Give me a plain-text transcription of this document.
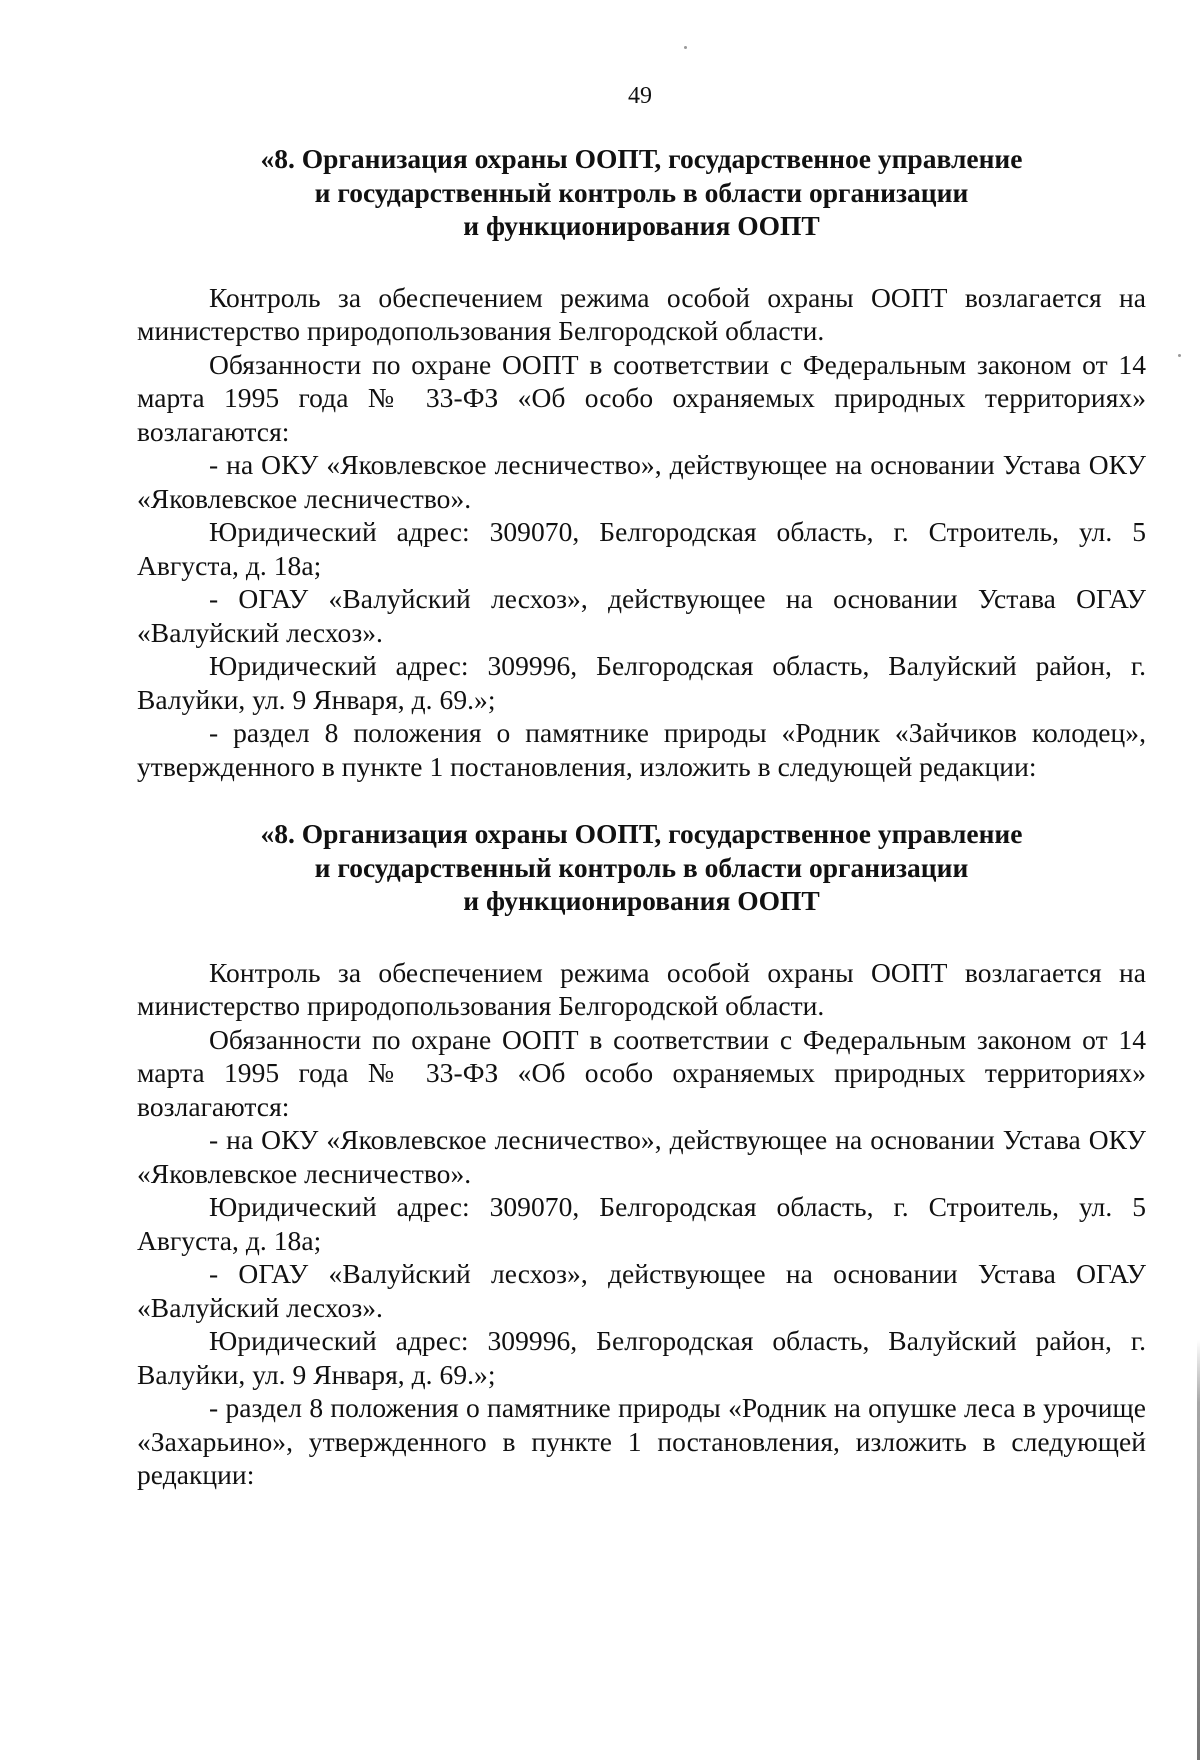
49
«8. Организация охраны ООПТ, государственное управление
и государственный контроль в области организации
и функционирования ООПТ

Контроль за обеспечением режима особой охраны ООПТ возлагается на министерство природопользования Белгородской области.

Обязанности по охране ООПТ в соответствии с Федеральным законом от 14 марта 1995 года № 33-ФЗ «Об особо охраняемых природных территориях» возлагаются:

- на ОКУ «Яковлевское лесничество», действующее на основании Устава ОКУ «Яковлевское лесничество».

Юридический адрес: 309070, Белгородская область, г. Строитель, ул. 5 Августа, д. 18а;

- ОГАУ «Валуйский лесхоз», действующее на основании Устава ОГАУ «Валуйский лесхоз».

Юридический адрес: 309996, Белгородская область, Валуйский район, г. Валуйки, ул. 9 Января, д. 69.»;

- раздел 8 положения о памятнике природы «Родник «Зайчиков колодец», утвержденного в пункте 1 постановления, изложить в следующей редакции:

«8. Организация охраны ООПТ, государственное управление
и государственный контроль в области организации
и функционирования ООПТ

Контроль за обеспечением режима особой охраны ООПТ возлагается на министерство природопользования Белгородской области.

Обязанности по охране ООПТ в соответствии с Федеральным законом от 14 марта 1995 года № 33-ФЗ «Об особо охраняемых природных территориях» возлагаются:

- на ОКУ «Яковлевское лесничество», действующее на основании Устава ОКУ «Яковлевское лесничество».

Юридический адрес: 309070, Белгородская область, г. Строитель, ул. 5 Августа, д. 18а;

- ОГАУ «Валуйский лесхоз», действующее на основании Устава ОГАУ «Валуйский лесхоз».

Юридический адрес: 309996, Белгородская область, Валуйский район, г. Валуйки, ул. 9 Января, д. 69.»;

- раздел 8 положения о памятнике природы «Родник на опушке леса в урочище «Захарьино», утвержденного в пункте 1 постановления, изложить в следующей редакции:
